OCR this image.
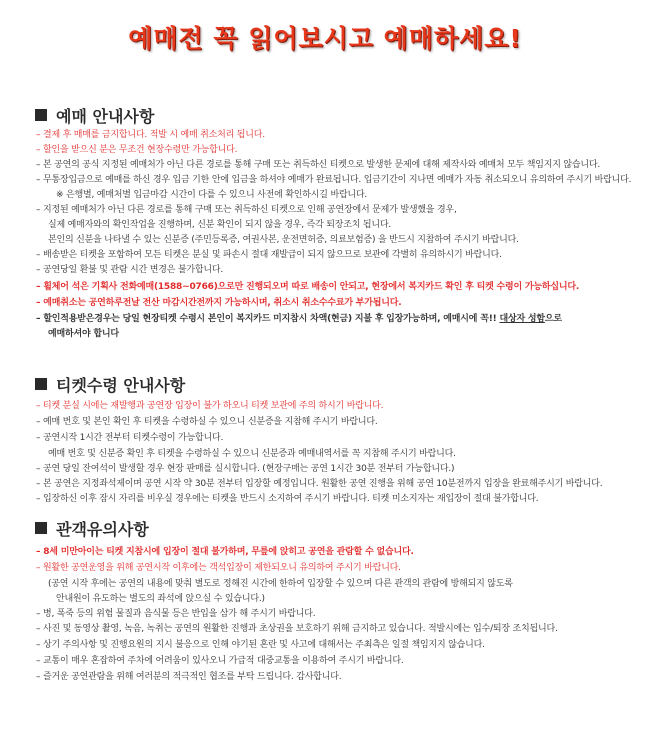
예매전 꼭 읽어보시고 예매하세요!
예매 안내사항
– 결제 후 매매를 금지합니다. 적발 시 예매 취소처리 됩니다.
– 할인을 받으신 분은 무조건 현장수령만 가능합니다.
– 본 공연의 공식 지정된 예매처가 아닌 다른 경로를 통해 구매 또는 취득하신 티켓으로 발생한 문제에 대해 제작사와 예매처 모두 책임지지 않습니다.
– 무통장입금으로 예매를 하신 경우 입금 기한 안에 입금을 하셔야 예매가 완료됩니다. 입금기간이 지나면 예매가 자동 취소되오니 유의하여 주시기 바랍니다.
※ 은행별, 예매처별 입금마감 시간이 다를 수 있으니 사전에 확인하시길 바랍니다.
– 지정된 예매처가 아닌 다른 경로를 통해 구매 또는 취득하신 티켓으로 인해 공연장에서 문제가 발생했을 경우,
실제 예매자와의 확인작업을 진행하며, 신분 확인이 되지 않을 경우, 즉각 퇴장조치 됩니다.
본인의 신분을 나타낼 수 있는 신분증 (주민등록증, 여권사본, 운전면허증, 의료보험증) 을 반드시 지참하여 주시기 바랍니다.
– 배송받은 티켓을 포함하여 모든 티켓은 분실 및 파손시 절대 재발급이 되지 않으므로 보관에 각별히 유의하시기 바랍니다.
– 공연당일 환불 및 관람 시간 변경은 불가합니다.
– 휠체어 석은 기획사 전화예매(1588~0766)으로만 진행되오며 따로 배송이 안되고, 현장에서 복지카드 확인 후 티켓 수령이 가능하십니다.
– 예매취소는 공연하루전날 전산 마감시간전까지 가능하시며, 취소시 취소수수료가 부가됩니다.
– 할인적용받은경우는 당일 현장티켓 수령시 본인이 복지카드 미지참시 차액(현금) 지불 후 입장가능하며, 예매시에 꼭!! 대상자 성함으로
예매하셔야 합니다
티켓수령 안내사항
– 티켓 분실 시에는 재발행과 공연장 입장이 불가 하오니 티켓 보관에 주의 하시기 바랍니다.
– 예매 번호 및 본인 확인 후 티켓을 수령하실 수 있으니 신분증을 지참해 주시기 바랍니다.
– 공연시작 1시간 전부터 티켓수령이 가능합니다.
예매 번호 및 신분증 확인 후 티켓을 수령하실 수 있으니 신분증과 예매내역서를 꼭 지참해 주시기 바랍니다.
– 공연 당일 잔여석이 발생할 경우 현장 판매를 실시합니다. (현장구매는 공연 1시간 30분 전부터 가능합니다.)
– 본 공연은 지정좌석제이며 공연 시작 약 30분 전부터 입장할 예정입니다. 원활한 공연 진행을 위해 공연 10분전까지 입장을 완료해주시기 바랍니다.
– 입장하신 이후 잠시 자리를 비우실 경우에는 티켓을 반드시 소지하여 주시기 바랍니다. 티켓 미소지자는 재입장이 절대 불가합니다.
관객유의사항
– 8세 미만아이는 티켓 지참시에 입장이 절대 불가하며, 무릎에 앉히고 공연을 관람할 수 없습니다.
– 원활한 공연운영을 위해 공연시작 이후에는 객석입장이 제한되오니 유의하여 주시기 바랍니다.
(공연 시작 후에는 공연의 내용에 맞춰 별도로 정해진 시간에 한하여 입장할 수 있으며 다른 관객의 관람에 방해되지 않도록
안내원이 유도하는 별도의 좌석에 앉으실 수 있습니다.)
– 병, 폭죽 등의 위험 물질과 음식물 등은 반입을 삼가 해 주시기 바랍니다.
– 사진 및 동영상 촬영, 녹음, 녹취는 공연의 원활한 진행과 초상권을 보호하기 위해 금지하고 있습니다. 적발시에는 입수/퇴장 조치됩니다.
– 상기 주의사항 및 진행요원의 지시 불응으로 인해 야기된 혼란 및 사고에 대해서는 주최측은 일절 책임지지 않습니다.
– 교통이 매우 혼잡하여 주차에 어려움이 있사오니 가급적 대중교통을 이용하여 주시기 바랍니다.
– 즐거운 공연관람을 위해 여러분의 적극적인 협조를 부탁 드립니다. 감사합니다.
